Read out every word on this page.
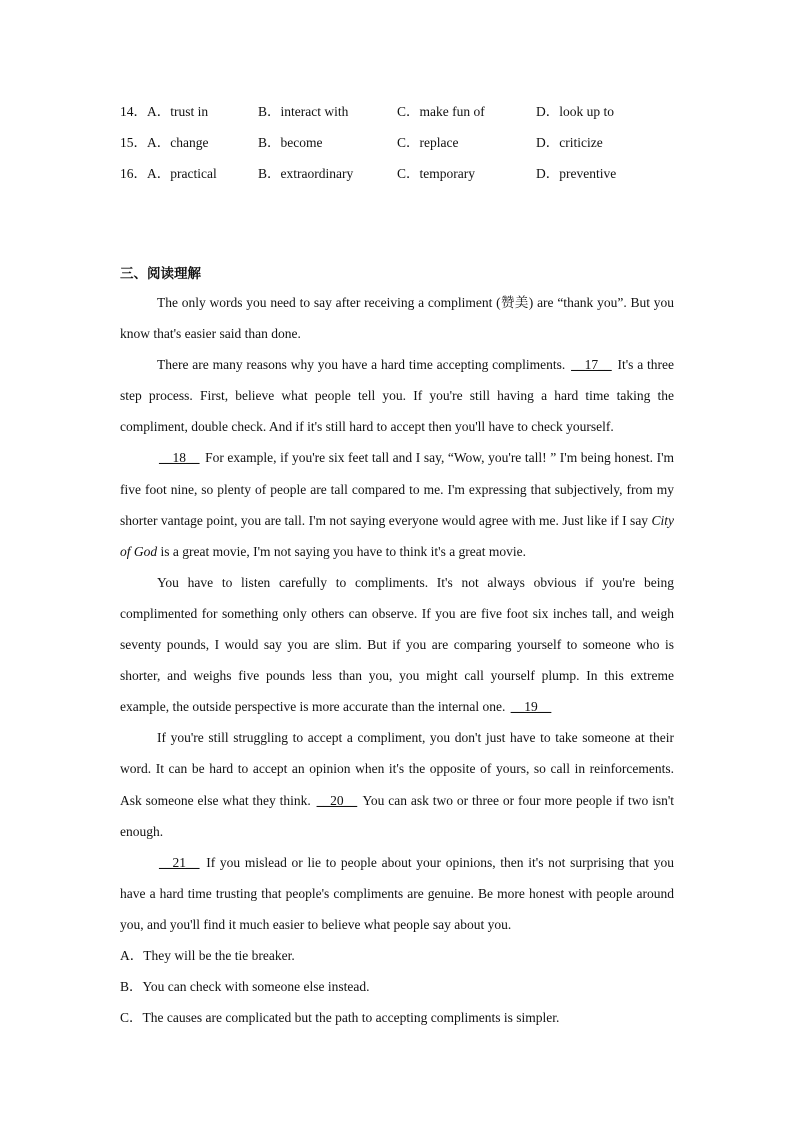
14．A．trust in	B．interact with	C．make fun of	D．look up to
15．A．change	B．become	C．replace	D．criticize
16．A．practical	B．extraordinary	C．temporary	D．preventive
三、阅读理解

The only words you need to say after receiving a compliment (赞美) are “thank you”. But you know that's easier said than done.

There are many reasons why you have a hard time accepting compliments. __17__ It's a three step process. First, believe what people tell you. If you're still having a hard time taking the compliment, double check. And if it's still hard to accept then you'll have to check yourself.

__18__ For example, if you're six feet tall and I say, “Wow, you're tall! ” I'm being honest. I'm five foot nine, so plenty of people are tall compared to me. I'm expressing that subjectively, from my shorter vantage point, you are tall. I'm not saying everyone would agree with me. Just like if I say City of God is a great movie, I'm not saying you have to think it's a great movie.

You have to listen carefully to compliments. It's not always obvious if you're being complimented for something only others can observe. If you are five foot six inches tall, and weigh seventy pounds, I would say you are slim. But if you are comparing yourself to someone who is shorter, and weighs five pounds less than you, you might call yourself plump. In this extreme example, the outside perspective is more accurate than the internal one. __19__

If you're still struggling to accept a compliment, you don't just have to take someone at their word. It can be hard to accept an opinion when it's the opposite of yours, so call in reinforcements. Ask someone else what they think. __20__ You can ask two or three or four more people if two isn't enough.

__21__ If you mislead or lie to people about your opinions, then it's not surprising that you have a hard time trusting that people's compliments are genuine. Be more honest with people around you, and you'll find it much easier to believe what people say about you.

A．They will be the tie breaker.

B．You can check with someone else instead.

C．The causes are complicated but the path to accepting compliments is simpler.
